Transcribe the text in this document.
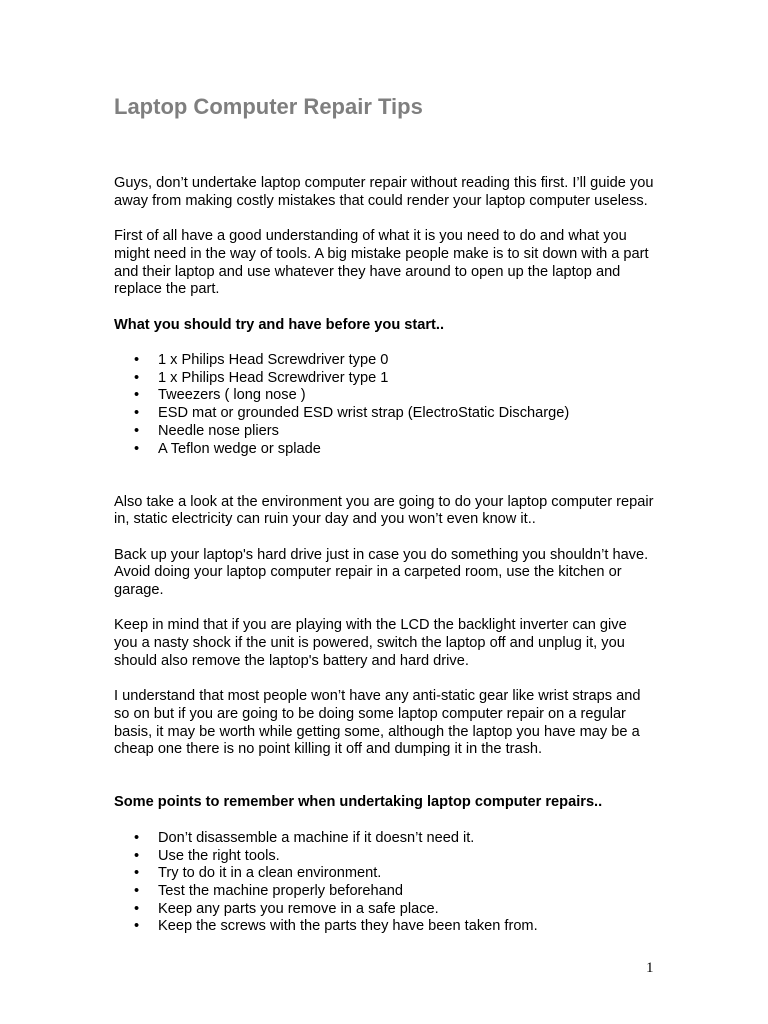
Laptop Computer Repair Tips

Guys, don’t undertake laptop computer repair without reading this first. I’ll guide you away from making costly mistakes that could render your laptop computer useless.

First of all have a good understanding of what it is you need to do and what you might need in the way of tools. A big mistake people make is to sit down with a part and their laptop and use whatever they have around to open up the laptop and replace the part.

What you should try and have before you start..

• 1 x Philips Head Screwdriver type 0
• 1 x Philips Head Screwdriver type 1
• Tweezers ( long nose )
• ESD mat or grounded ESD wrist strap (ElectroStatic Discharge)
• Needle nose pliers
• A Teflon wedge or splade

Also take a look at the environment you are going to do your laptop computer repair in, static electricity can ruin your day and you won’t even know it..

Back up your laptop's hard drive just in case you do something you shouldn’t have. Avoid doing your laptop computer repair in a carpeted room, use the kitchen or garage.

Keep in mind that if you are playing with the LCD the backlight inverter can give you a nasty shock if the unit is powered, switch the laptop off and unplug it, you should also remove the laptop's battery and hard drive.

I understand that most people won’t have any anti-static gear like wrist straps and so on but if you are going to be doing some laptop computer repair on a regular basis, it may be worth while getting some, although the laptop you have may be a cheap one there is no point killing it off and dumping it in the trash.

Some points to remember when undertaking laptop computer repairs..

• Don’t disassemble a machine if it doesn’t need it.
• Use the right tools.
• Try to do it in a clean environment.
• Test the machine properly beforehand
• Keep any parts you remove in a safe place.
• Keep the screws with the parts they have been taken from.
1
